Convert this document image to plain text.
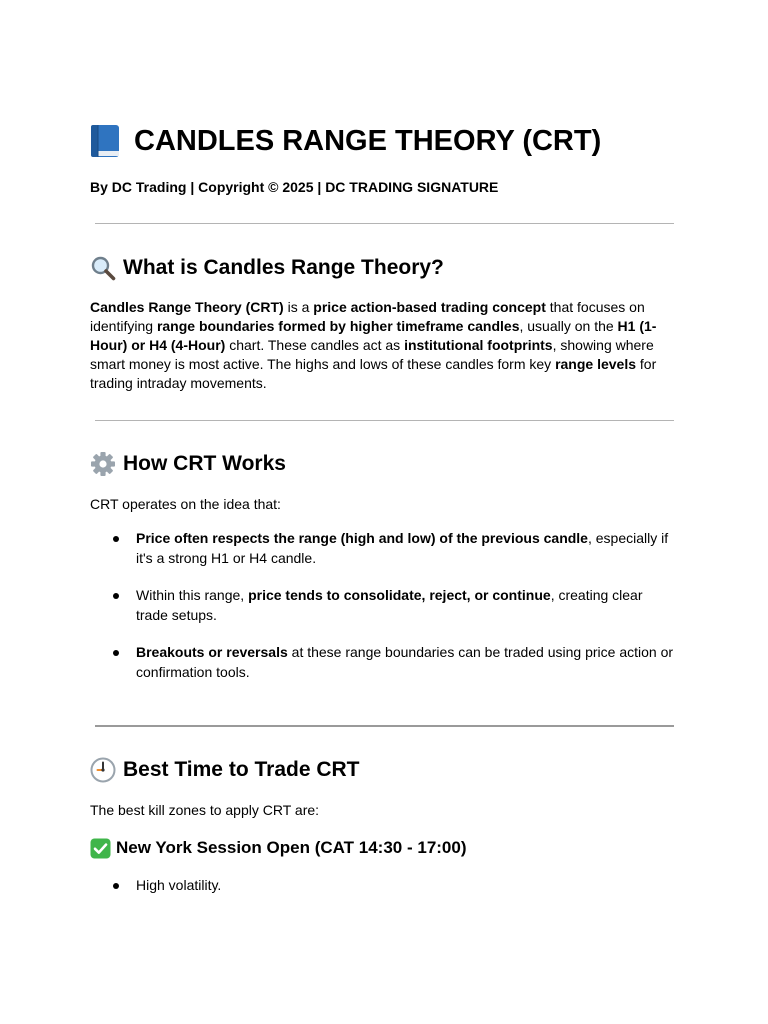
CANDLES RANGE THEORY (CRT)
By DC Trading | Copyright © 2025 | DC TRADING SIGNATURE
What is Candles Range Theory?

Candles Range Theory (CRT) is a price action-based trading concept that focuses on identifying range boundaries formed by higher timeframe candles, usually on the H1 (1-Hour) or H4 (4-Hour) chart. These candles act as institutional footprints, showing where smart money is most active. The highs and lows of these candles form key range levels for trading intraday movements.

How CRT Works
CRT operates on the idea that:
Price often respects the range (high and low) of the previous candle, especially if it's a strong H1 or H4 candle.
Within this range, price tends to consolidate, reject, or continue, creating clear trade setups.
Breakouts or reversals at these range boundaries can be traded using price action or confirmation tools.
Best Time to Trade CRT
The best kill zones to apply CRT are:
New York Session Open (CAT 14:30 - 17:00)
High volatility.
